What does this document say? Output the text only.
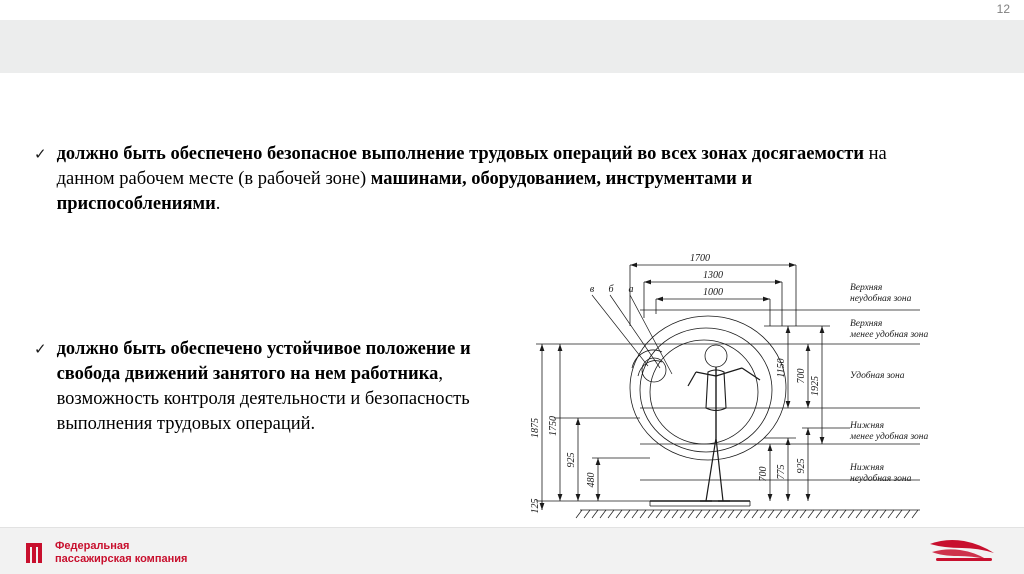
12
✓ должно быть обеспечено безопасное выполнение трудовых операций во всех зонах досягаемости на данном рабочем месте (в рабочей зоне) машинами, оборудованием, инструментами и приспособлениями.
✓ должно быть обеспечено устойчивое положение и свобода движений занятого на нем работника, возможность контроля деятельности и безопасность выполнения трудовых операций.
1700
1300
1000
в б а
1875 1750
925
480
125
1150 700 1925
700 775 925
Верхняя
неудобная зона
Верхняя
менее удобная зона
Удобная зона
Нижняя
менее удобная зона
Нижняя
неудобная зона
Федеральная
пассажирская компания
